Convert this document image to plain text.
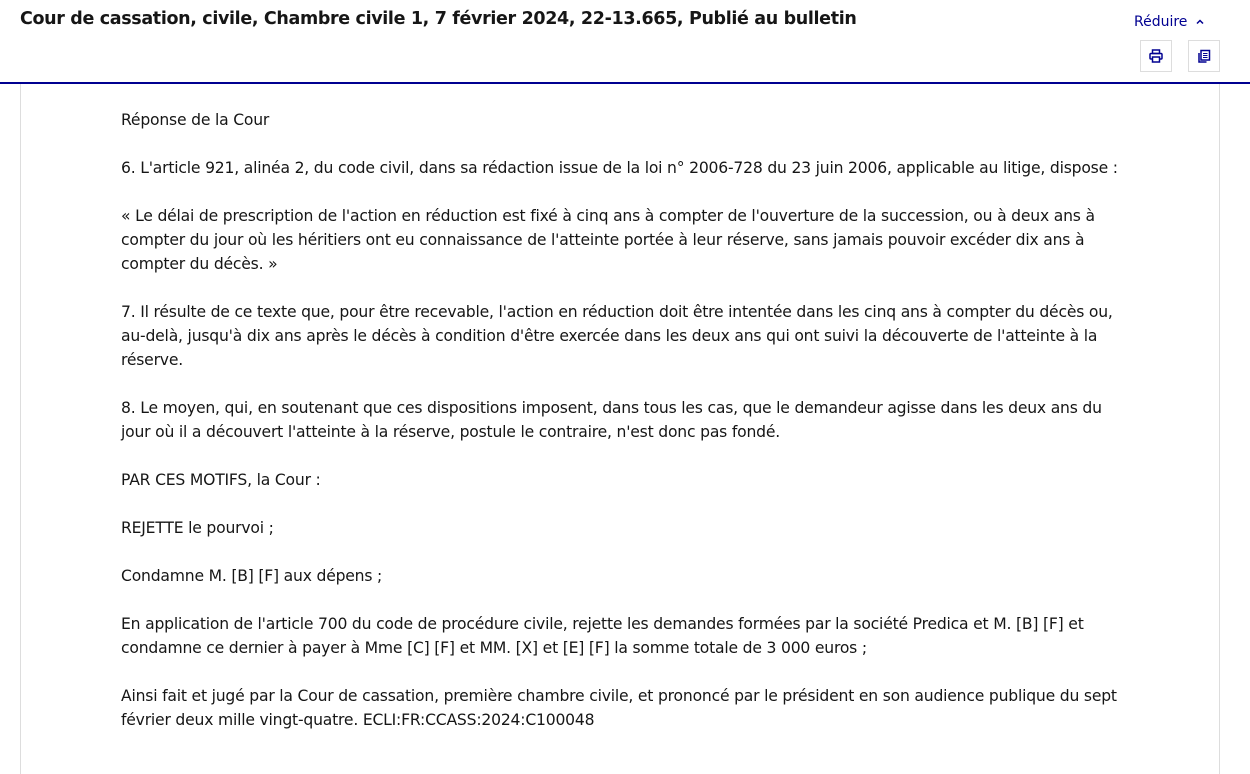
Cour de cassation, civile, Chambre civile 1, 7 février 2024, 22-13.665, Publié au bulletin	Réduire

Réponse de la Cour

6. L'article 921, alinéa 2, du code civil, dans sa rédaction issue de la loi n° 2006-728 du 23 juin 2006, applicable au litige, dispose :

« Le délai de prescription de l'action en réduction est fixé à cinq ans à compter de l'ouverture de la succession, ou à deux ans à compter du jour où les héritiers ont eu connaissance de l'atteinte portée à leur réserve, sans jamais pouvoir excéder dix ans à compter du décès. »

7. Il résulte de ce texte que, pour être recevable, l'action en réduction doit être intentée dans les cinq ans à compter du décès ou, au-delà, jusqu'à dix ans après le décès à condition d'être exercée dans les deux ans qui ont suivi la découverte de l'atteinte à la réserve.

8. Le moyen, qui, en soutenant que ces dispositions imposent, dans tous les cas, que le demandeur agisse dans les deux ans du jour où il a découvert l'atteinte à la réserve, postule le contraire, n'est donc pas fondé.

PAR CES MOTIFS, la Cour :

REJETTE le pourvoi ;

Condamne M. [B] [F] aux dépens ;

En application de l'article 700 du code de procédure civile, rejette les demandes formées par la société Predica et M. [B] [F] et condamne ce dernier à payer à Mme [C] [F] et MM. [X] et [E] [F] la somme totale de 3 000 euros ;

Ainsi fait et jugé par la Cour de cassation, première chambre civile, et prononcé par le président en son audience publique du sept février deux mille vingt-quatre. ECLI:FR:CCASS:2024:C100048
